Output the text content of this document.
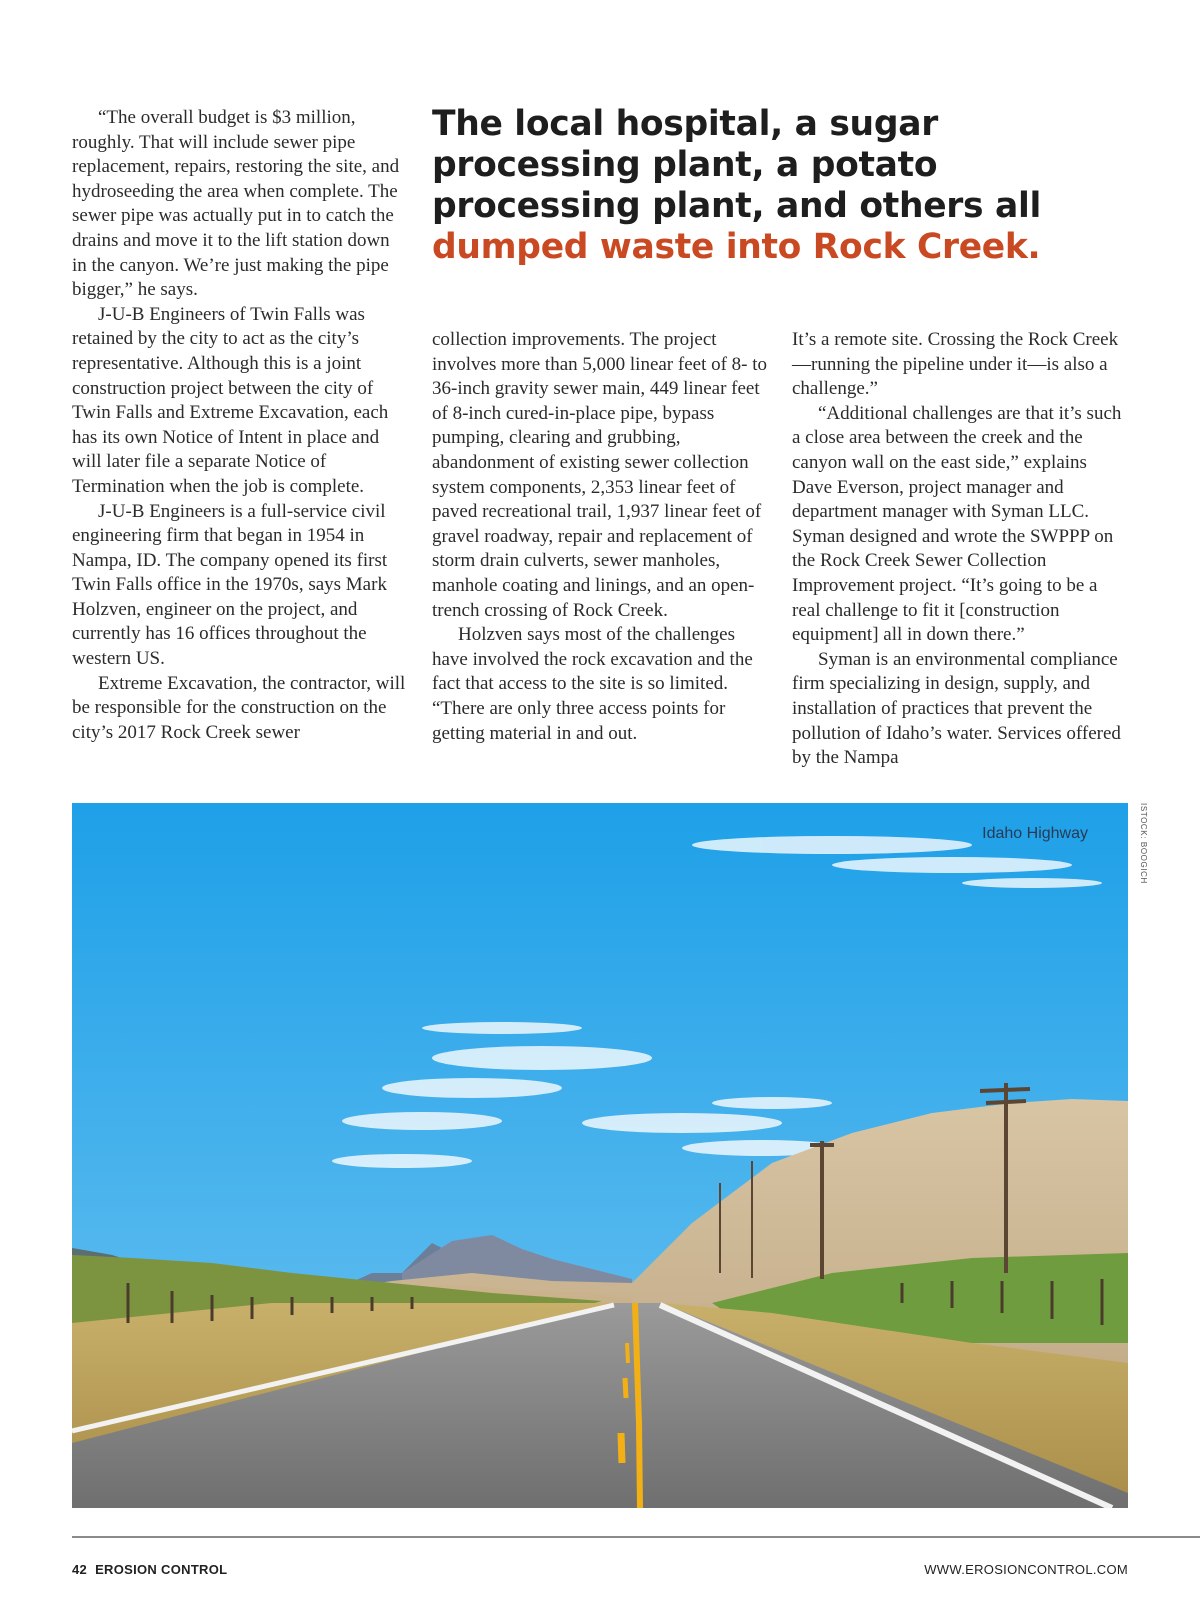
“The overall budget is $3 million, roughly. That will include sewer pipe replacement, repairs, restoring the site, and hydroseeding the area when complete. The sewer pipe was actually put in to catch the drains and move it to the lift station down in the canyon. We’re just making the pipe bigger,” he says.

J-U-B Engineers of Twin Falls was retained by the city to act as the city’s representative. Although this is a joint construction project between the city of Twin Falls and Extreme Excavation, each has its own Notice of Intent in place and will later file a separate Notice of Termination when the job is complete.

J-U-B Engineers is a full-service civil engineering firm that began in 1954 in Nampa, ID. The company opened its first Twin Falls office in the 1970s, says Mark Holzven, engineer on the project, and currently has 16 offices throughout the western US.

Extreme Excavation, the contractor, will be responsible for the construction on the city’s 2017 Rock Creek sewer

The local hospital, a sugar processing plant, a potato processing plant, and others all dumped waste into Rock Creek.

collection improvements. The project involves more than 5,000 linear feet of 8- to 36-inch gravity sewer main, 449 linear feet of 8-inch cured-in-place pipe, bypass pumping, clearing and grubbing, abandonment of existing sewer collection system components, 2,353 linear feet of paved recreational trail, 1,937 linear feet of gravel roadway, repair and replacement of storm drain culverts, sewer manholes, manhole coating and linings, and an open-trench crossing of Rock Creek.

Holzven says most of the challenges have involved the rock excavation and the fact that access to the site is so limited. “There are only three access points for getting material in and out.

It’s a remote site. Crossing the Rock Creek—running the pipeline under it—is also a challenge.”

“Additional challenges are that it’s such a close area between the creek and the canyon wall on the east side,” explains Dave Everson, project manager and department manager with Syman LLC. Syman designed and wrote the SWPPP on the Rock Creek Sewer Collection Improvement project. “It’s going to be a real challenge to fit it [construction equipment] all in down there.”

Syman is an environmental compliance firm specializing in design, supply, and installation of practices that prevent the pollution of Idaho’s water. Services offered by the Nampa

Idaho Highway	ISTOCK: BOOGICH
42 EROSION CONTROL	WWW.EROSIONCONTROL.COM
